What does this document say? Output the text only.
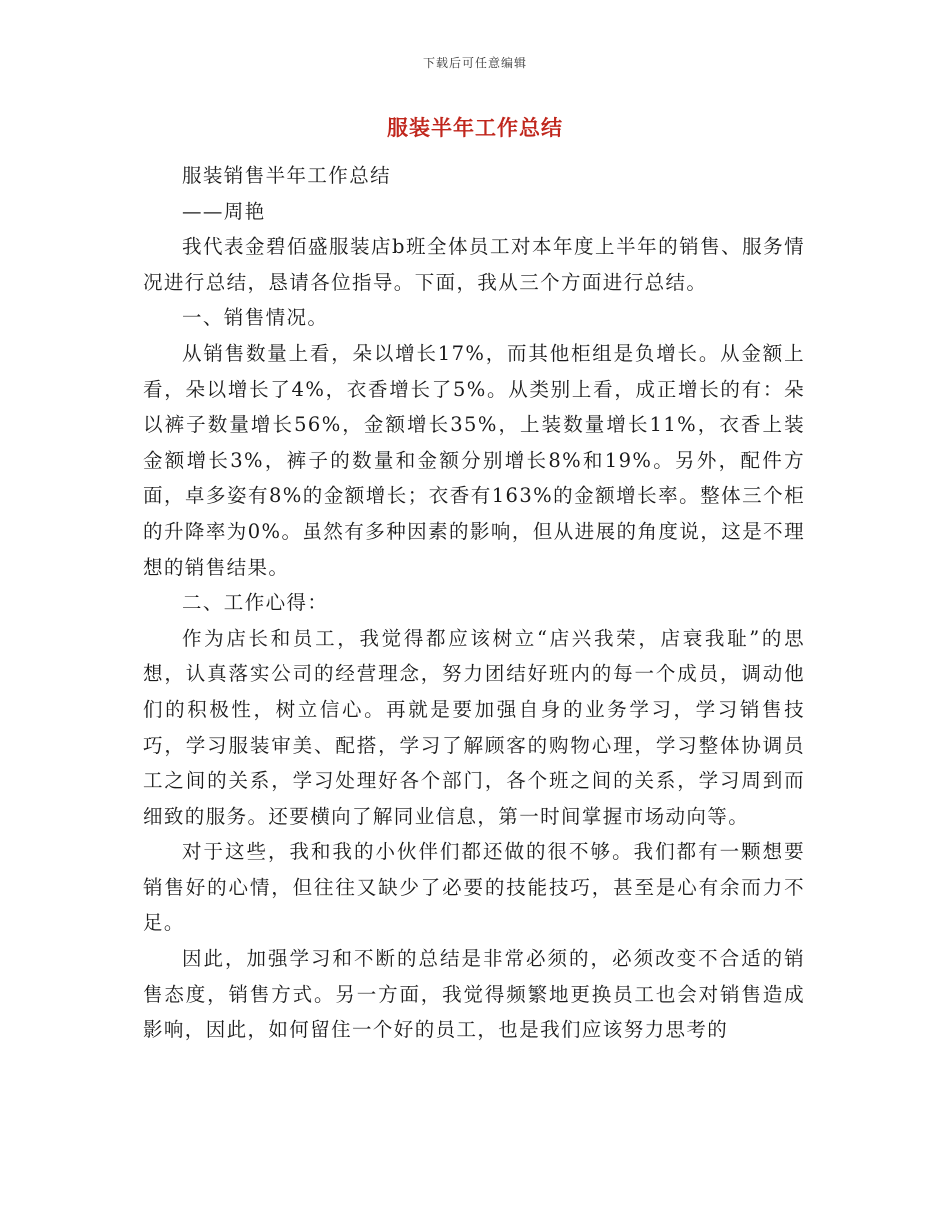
下载后可任意编辑
服装半年工作总结

服装销售半年工作总结

——周艳

我代表金碧佰盛服装店b班全体员工对本年度上半年的销售、服务情况进行总结，恳请各位指导。下面，我从三个方面进行总结。

一、销售情况。

从销售数量上看，朵以增长17%，而其他柜组是负增长。从金额上看，朵以增长了4%，衣香增长了5%。从类别上看，成正增长的有：朵以裤子数量增长56%，金额增长35%，上装数量增长11%，衣香上装金额增长3%，裤子的数量和金额分别增长8%和19%。另外，配件方面，卓多姿有8%的金额增长；衣香有163%的金额增长率。整体三个柜的升降率为0%。虽然有多种因素的影响，但从进展的角度说，这是不理想的销售结果。

二、工作心得：

作为店长和员工，我觉得都应该树立“店兴我荣，店衰我耻”的思想，认真落实公司的经营理念，努力团结好班内的每一个成员，调动他们的积极性，树立信心。再就是要加强自身的业务学习，学习销售技巧，学习服装审美、配搭，学习了解顾客的购物心理，学习整体协调员工之间的关系，学习处理好各个部门，各个班之间的关系，学习周到而细致的服务。还要横向了解同业信息，第一时间掌握市场动向等。

对于这些，我和我的小伙伴们都还做的很不够。我们都有一颗想要销售好的心情，但往往又缺少了必要的技能技巧，甚至是心有余而力不足。

因此，加强学习和不断的总结是非常必须的，必须改变不合适的销售态度，销售方式。另一方面，我觉得频繁地更换员工也会对销售造成影响，因此，如何留住一个好的员工，也是我们应该努力思考的
